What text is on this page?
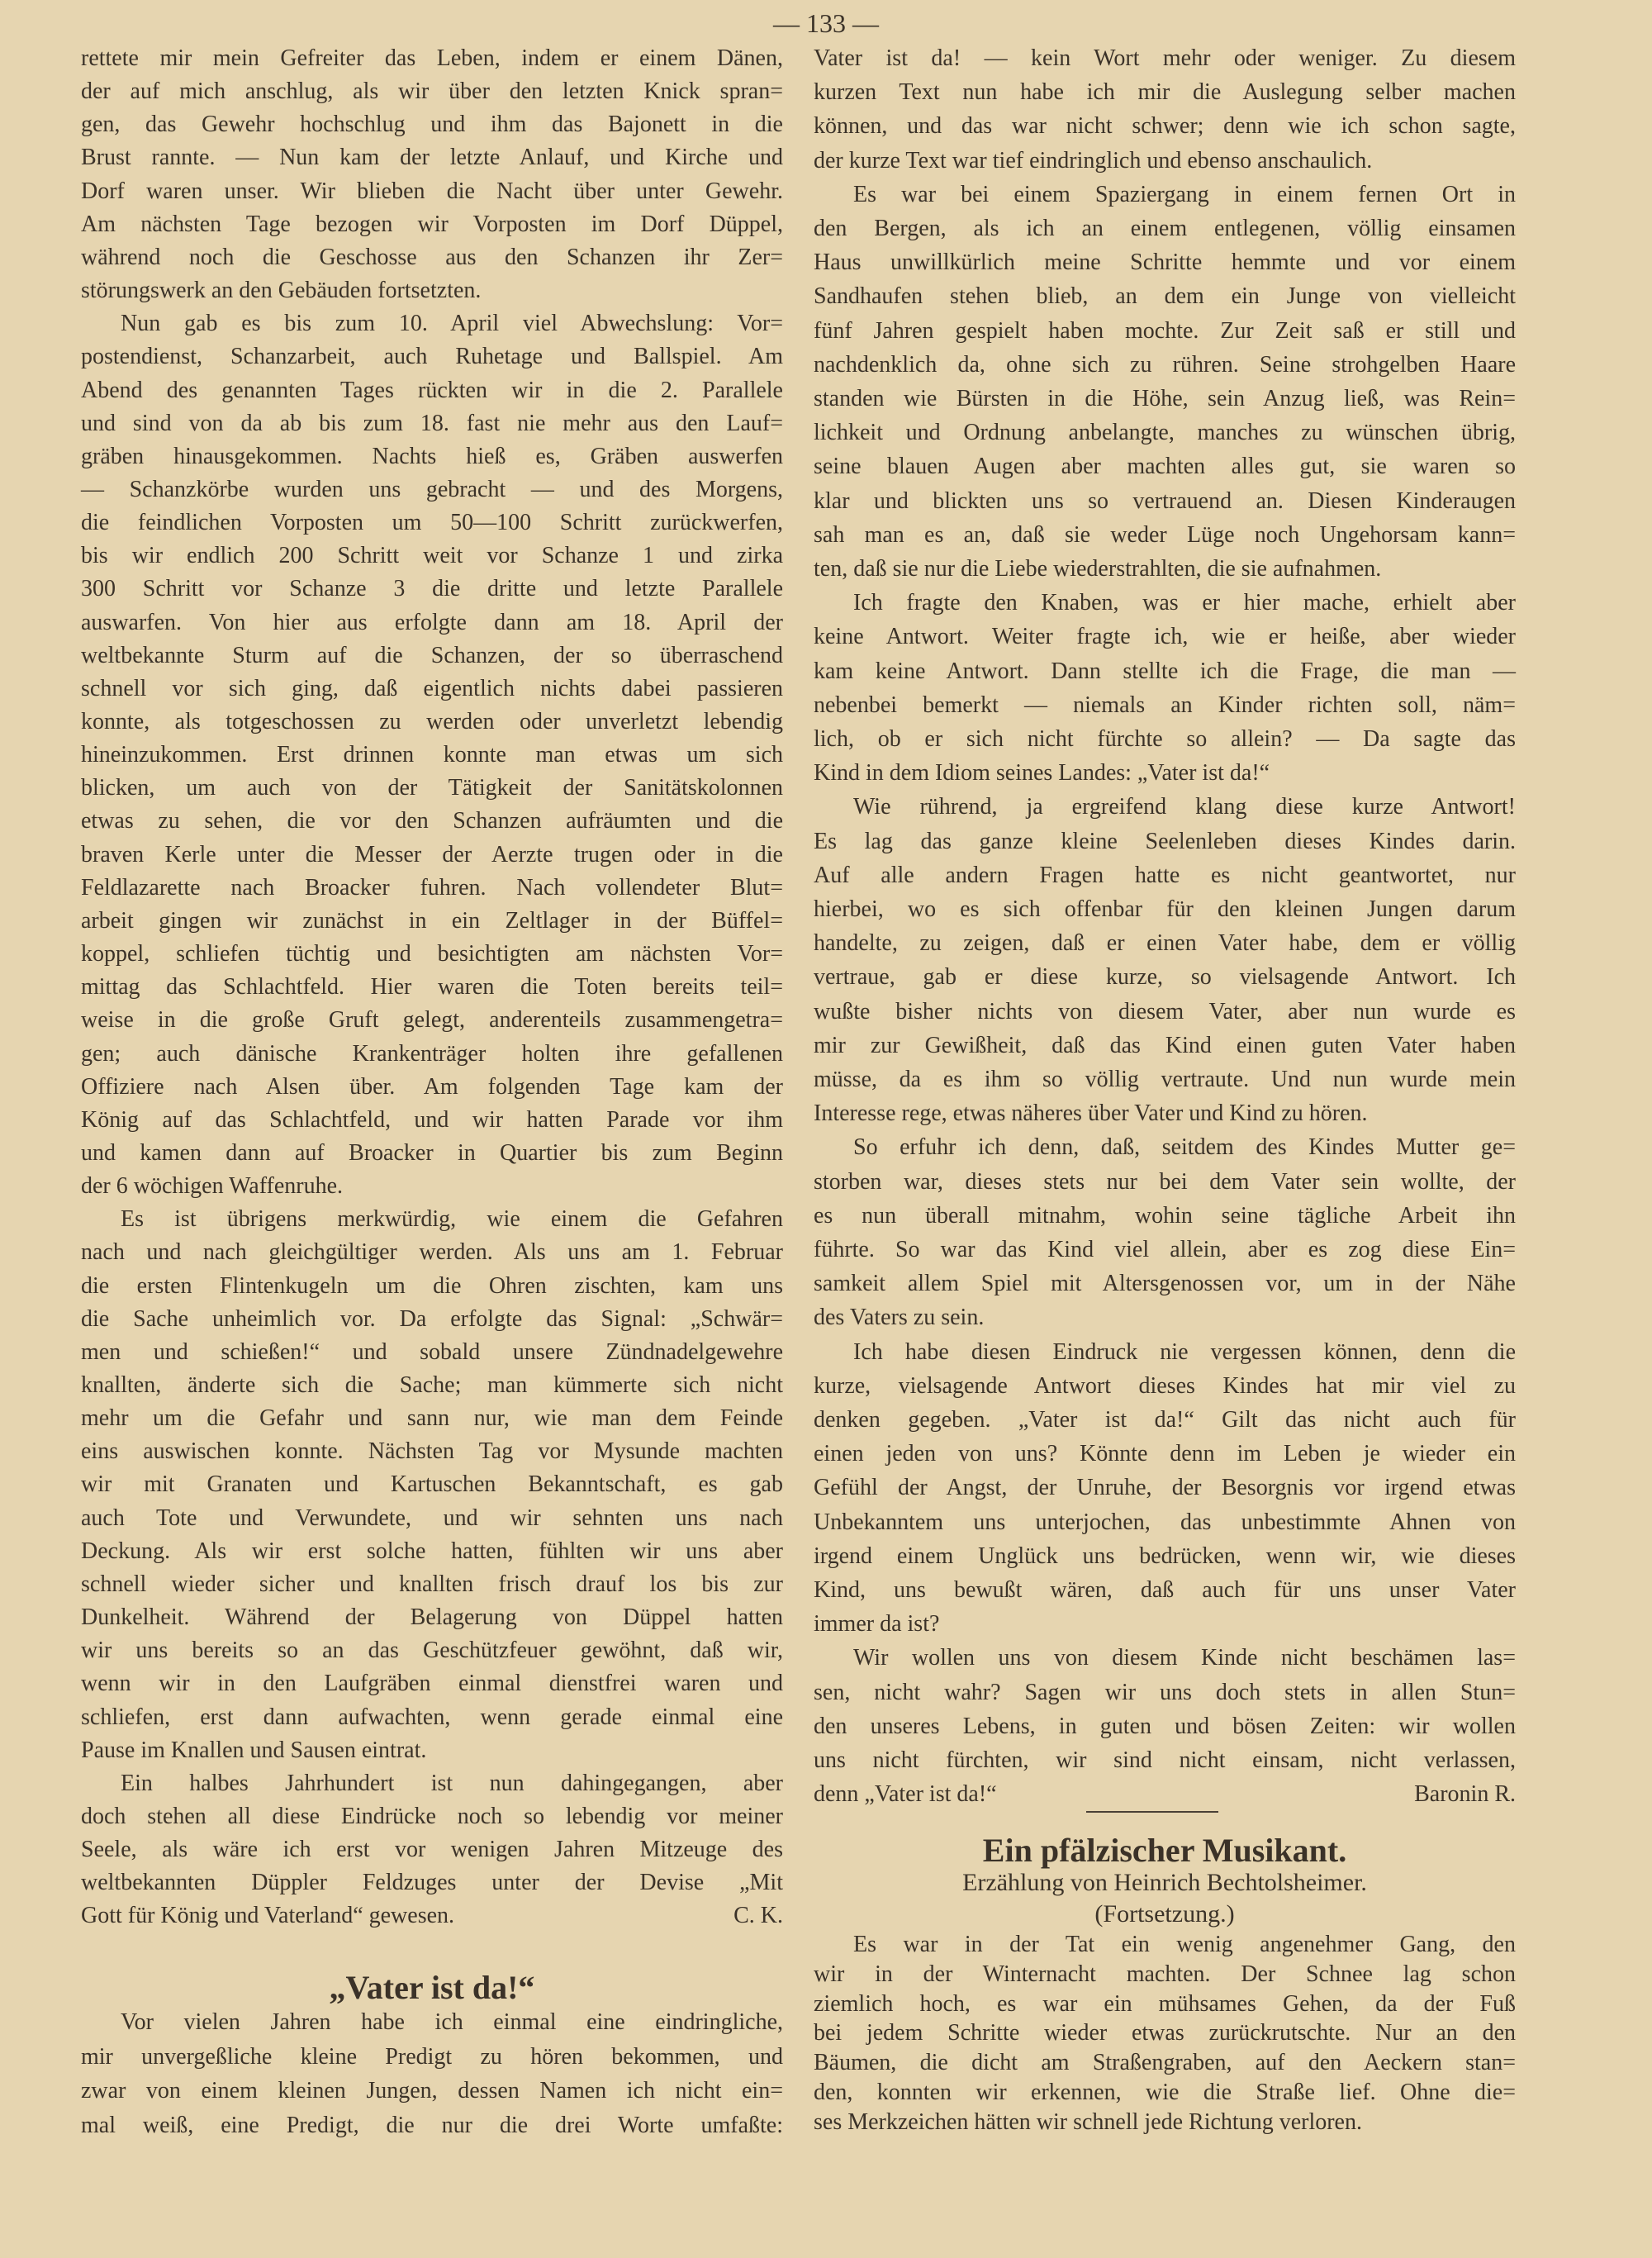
— 133 —
„Vater ist da!“
rettete mir mein Gefreiter das Leben, indem er einem Dänen,
der auf mich anschlug, als wir über den letzten Knick spran=
gen, das Gewehr hochschlug und ihm das Bajonett in die
Brust rannte. — Nun kam der letzte Anlauf, und Kirche und
Dorf waren unser. Wir blieben die Nacht über unter Gewehr.
Am nächsten Tage bezogen wir Vorposten im Dorf Düppel,
während noch die Geschosse aus den Schanzen ihr Zer=
störungswerk an den Gebäuden fortsetzten.
Nun gab es bis zum 10. April viel Abwechslung: Vor=
postendienst, Schanzarbeit, auch Ruhetage und Ballspiel. Am
Abend des genannten Tages rückten wir in die 2. Parallele
und sind von da ab bis zum 18. fast nie mehr aus den Lauf=
gräben hinausgekommen. Nachts hieß es, Gräben auswerfen
— Schanzkörbe wurden uns gebracht — und des Morgens,
die feindlichen Vorposten um 50—100 Schritt zurückwerfen,
bis wir endlich 200 Schritt weit vor Schanze 1 und zirka
300 Schritt vor Schanze 3 die dritte und letzte Parallele
auswarfen. Von hier aus erfolgte dann am 18. April der
weltbekannte Sturm auf die Schanzen, der so überraschend
schnell vor sich ging, daß eigentlich nichts dabei passieren
konnte, als totgeschossen zu werden oder unverletzt lebendig
hineinzukommen. Erst drinnen konnte man etwas um sich
blicken, um auch von der Tätigkeit der Sanitätskolonnen
etwas zu sehen, die vor den Schanzen aufräumten und die
braven Kerle unter die Messer der Aerzte trugen oder in die
Feldlazarette nach Broacker fuhren. Nach vollendeter Blut=
arbeit gingen wir zunächst in ein Zeltlager in der Büffel=
koppel, schliefen tüchtig und besichtigten am nächsten Vor=
mittag das Schlachtfeld. Hier waren die Toten bereits teil=
weise in die große Gruft gelegt, anderenteils zusammengetra=
gen; auch dänische Krankenträger holten ihre gefallenen
Offiziere nach Alsen über. Am folgenden Tage kam der
König auf das Schlachtfeld, und wir hatten Parade vor ihm
und kamen dann auf Broacker in Quartier bis zum Beginn
der 6 wöchigen Waffenruhe.
Es ist übrigens merkwürdig, wie einem die Gefahren
nach und nach gleichgültiger werden. Als uns am 1. Februar
die ersten Flintenkugeln um die Ohren zischten, kam uns
die Sache unheimlich vor. Da erfolgte das Signal: „Schwär=
men und schießen!“ und sobald unsere Zündnadelgewehre
knallten, änderte sich die Sache; man kümmerte sich nicht
mehr um die Gefahr und sann nur, wie man dem Feinde
eins auswischen konnte. Nächsten Tag vor Mysunde machten
wir mit Granaten und Kartuschen Bekanntschaft, es gab
auch Tote und Verwundete, und wir sehnten uns nach
Deckung. Als wir erst solche hatten, fühlten wir uns aber
schnell wieder sicher und knallten frisch drauf los bis zur
Dunkelheit. Während der Belagerung von Düppel hatten
wir uns bereits so an das Geschützfeuer gewöhnt, daß wir,
wenn wir in den Laufgräben einmal dienstfrei waren und
schliefen, erst dann aufwachten, wenn gerade einmal eine
Pause im Knallen und Sausen eintrat.
Ein halbes Jahrhundert ist nun dahingegangen, aber
doch stehen all diese Eindrücke noch so lebendig vor meiner
Seele, als wäre ich erst vor wenigen Jahren Mitzeuge des
weltbekannten Düppler Feldzuges unter der Devise „Mit
Gott für König und Vaterland“ gewesen.	C. K.
Vor vielen Jahren habe ich einmal eine eindringliche,
mir unvergeßliche kleine Predigt zu hören bekommen, und
zwar von einem kleinen Jungen, dessen Namen ich nicht ein=
mal weiß, eine Predigt, die nur die drei Worte umfaßte:
Ein pfälzischer Musikant.
Erzählung von Heinrich Bechtolsheimer.
(Fortsetzung.)
Vater ist da! — kein Wort mehr oder weniger. Zu diesem
kurzen Text nun habe ich mir die Auslegung selber machen
können, und das war nicht schwer; denn wie ich schon sagte,
der kurze Text war tief eindringlich und ebenso anschaulich.
Es war bei einem Spaziergang in einem fernen Ort in
den Bergen, als ich an einem entlegenen, völlig einsamen
Haus unwillkürlich meine Schritte hemmte und vor einem
Sandhaufen stehen blieb, an dem ein Junge von vielleicht
fünf Jahren gespielt haben mochte. Zur Zeit saß er still und
nachdenklich da, ohne sich zu rühren. Seine strohgelben Haare
standen wie Bürsten in die Höhe, sein Anzug ließ, was Rein=
lichkeit und Ordnung anbelangte, manches zu wünschen übrig,
seine blauen Augen aber machten alles gut, sie waren so
klar und blickten uns so vertrauend an. Diesen Kinderaugen
sah man es an, daß sie weder Lüge noch Ungehorsam kann=
ten, daß sie nur die Liebe wiederstrahlten, die sie aufnahmen.
Ich fragte den Knaben, was er hier mache, erhielt aber
keine Antwort. Weiter fragte ich, wie er heiße, aber wieder
kam keine Antwort. Dann stellte ich die Frage, die man —
nebenbei bemerkt — niemals an Kinder richten soll, näm=
lich, ob er sich nicht fürchte so allein? — Da sagte das
Kind in dem Idiom seines Landes: „Vater ist da!“
Wie rührend, ja ergreifend klang diese kurze Antwort!
Es lag das ganze kleine Seelenleben dieses Kindes darin.
Auf alle andern Fragen hatte es nicht geantwortet, nur
hierbei, wo es sich offenbar für den kleinen Jungen darum
handelte, zu zeigen, daß er einen Vater habe, dem er völlig
vertraue, gab er diese kurze, so vielsagende Antwort. Ich
wußte bisher nichts von diesem Vater, aber nun wurde es
mir zur Gewißheit, daß das Kind einen guten Vater haben
müsse, da es ihm so völlig vertraute. Und nun wurde mein
Interesse rege, etwas näheres über Vater und Kind zu hören.
So erfuhr ich denn, daß, seitdem des Kindes Mutter ge=
storben war, dieses stets nur bei dem Vater sein wollte, der
es nun überall mitnahm, wohin seine tägliche Arbeit ihn
führte. So war das Kind viel allein, aber es zog diese Ein=
samkeit allem Spiel mit Altersgenossen vor, um in der Nähe
des Vaters zu sein.
Ich habe diesen Eindruck nie vergessen können, denn die
kurze, vielsagende Antwort dieses Kindes hat mir viel zu
denken gegeben. „Vater ist da!“ Gilt das nicht auch für
einen jeden von uns? Könnte denn im Leben je wieder ein
Gefühl der Angst, der Unruhe, der Besorgnis vor irgend etwas
Unbekanntem uns unterjochen, das unbestimmte Ahnen von
irgend einem Unglück uns bedrücken, wenn wir, wie dieses
Kind, uns bewußt wären, daß auch für uns unser Vater
immer da ist?
Wir wollen uns von diesem Kinde nicht beschämen las=
sen, nicht wahr? Sagen wir uns doch stets in allen Stun=
den unseres Lebens, in guten und bösen Zeiten: wir wollen
uns nicht fürchten, wir sind nicht einsam, nicht verlassen,
denn „Vater ist da!“	Baronin R.
Es war in der Tat ein wenig angenehmer Gang, den
wir in der Winternacht machten. Der Schnee lag schon
ziemlich hoch, es war ein mühsames Gehen, da der Fuß
bei jedem Schritte wieder etwas zurückrutschte. Nur an den
Bäumen, die dicht am Straßengraben, auf den Aeckern stan=
den, konnten wir erkennen, wie die Straße lief. Ohne die=
ses Merkzeichen hätten wir schnell jede Richtung verloren.
